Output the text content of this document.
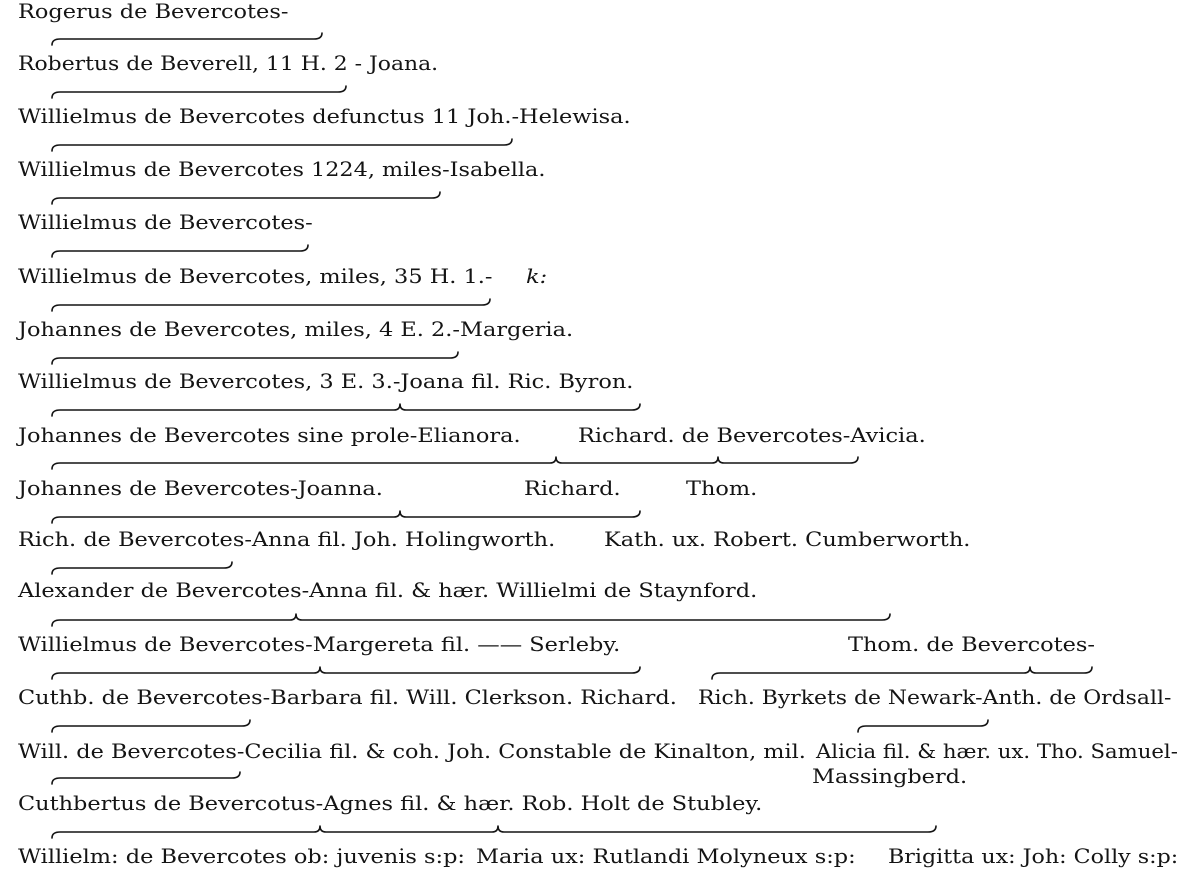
Rogerus de Bevercotes-

Robertus de Beverell, 11 H. 2 - Joana.

Willielmus de Bevercotes defunctus 11 Joh.-Helewisa.

Willielmus de Bevercotes 1224, miles-Isabella.

Willielmus de Bevercotes-

Willielmus de Bevercotes, miles, 35 H. 1.- k:

Johannes de Bevercotes, miles, 4 E. 2.-Margeria.

Willielmus de Bevercotes, 3 E. 3.-Joana fil. Ric. Byron.

Johannes de Bevercotes sine prole-Elianora.	Richard. de Bevercotes-Avicia.

Johannes de Bevercotes-Joanna.	Richard.	Thom.

Rich. de Bevercotes-Anna fil. Joh. Holingworth. Kath. ux. Robert. Cumberworth.

Alexander de Bevercotes-Anna fil. & hær. Willielmi de Staynford.

Willielmus de Bevercotes-Margereta fil. —— Serleby.	Thom. de Bevercotes-

Cuthb. de Bevercotes-Barbara fil. Will. Clerkson. Richard. Rich. Byrkets de Newark-Anth. de Ordsall-

Will. de Bevercotes-Cecilia fil. & coh. Joh. Constable de Kinalton, mil. Alicia fil. & hær. ux. Tho. Samuel-

Massingberd.

Cuthbertus de Bevercotus-Agnes fil. & hær. Rob. Holt de Stubley.

Willielm: de Bevercotes ob: juvenis s:p: Maria ux: Rutlandi Molyneux s:p: Brigitta ux: Joh: Colly s:p:
